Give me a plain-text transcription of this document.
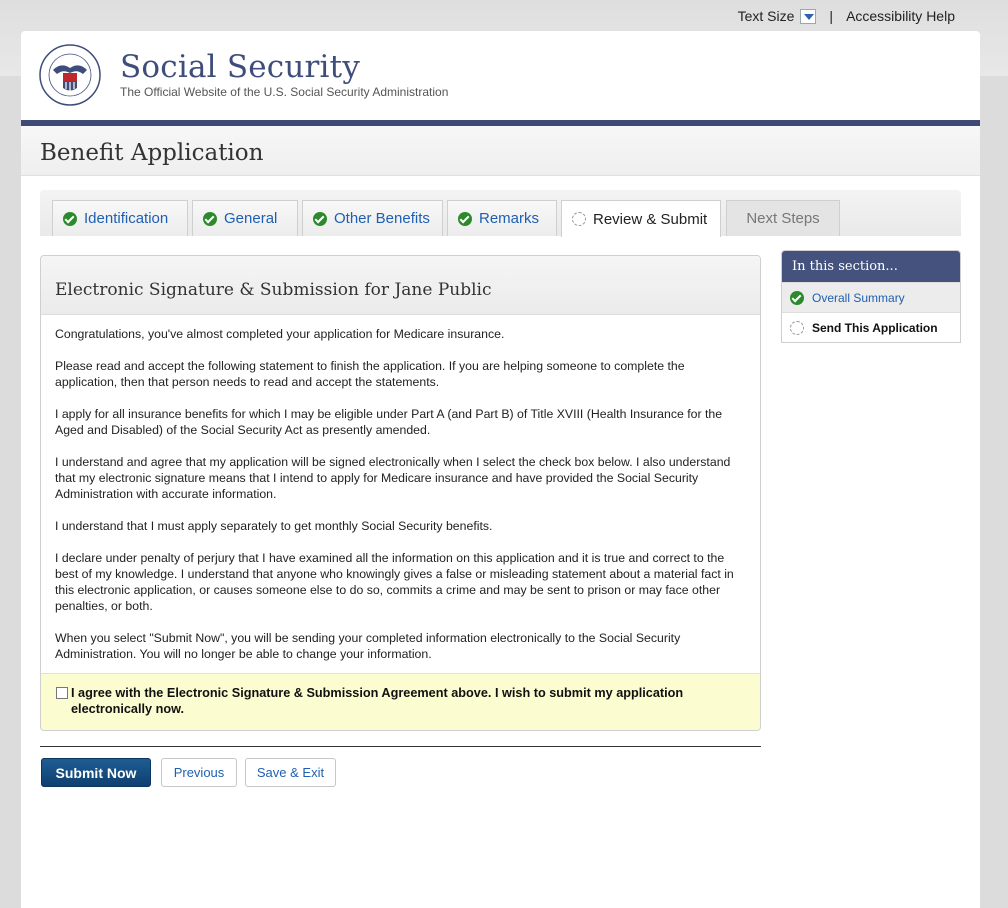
Text Size	| Accessibility Help
Social Security
The Official Website of the U.S. Social Security Administration
Benefit Application
Identification	General	Other Benefits	Remarks	Review & Submit	Next Steps
Electronic Signature & Submission for Jane Public

Congratulations, you've almost completed your application for Medicare insurance.

Please read and accept the following statement to finish the application. If you are helping someone to complete the application, then that person needs to read and accept the statements.

I apply for all insurance benefits for which I may be eligible under Part A (and Part B) of Title XVIII (Health Insurance for the Aged and Disabled) of the Social Security Act as presently amended.

I understand and agree that my application will be signed electronically when I select the check box below. I also understand that my electronic signature means that I intend to apply for Medicare insurance and have provided the Social Security Administration with accurate information.

I understand that I must apply separately to get monthly Social Security benefits.

I declare under penalty of perjury that I have examined all the information on this application and it is true and correct to the best of my knowledge. I understand that anyone who knowingly gives a false or misleading statement about a material fact in this electronic application, or causes someone else to do so, commits a crime and may be sent to prison or may face other penalties, or both.

When you select "Submit Now", you will be sending your completed information electronically to the Social Security Administration. You will no longer be able to change your information.

I agree with the Electronic Signature & Submission Agreement above. I wish to submit my application electronically now.
Submit Now	Previous	Save & Exit
In this section...
Overall Summary
Send This Application
